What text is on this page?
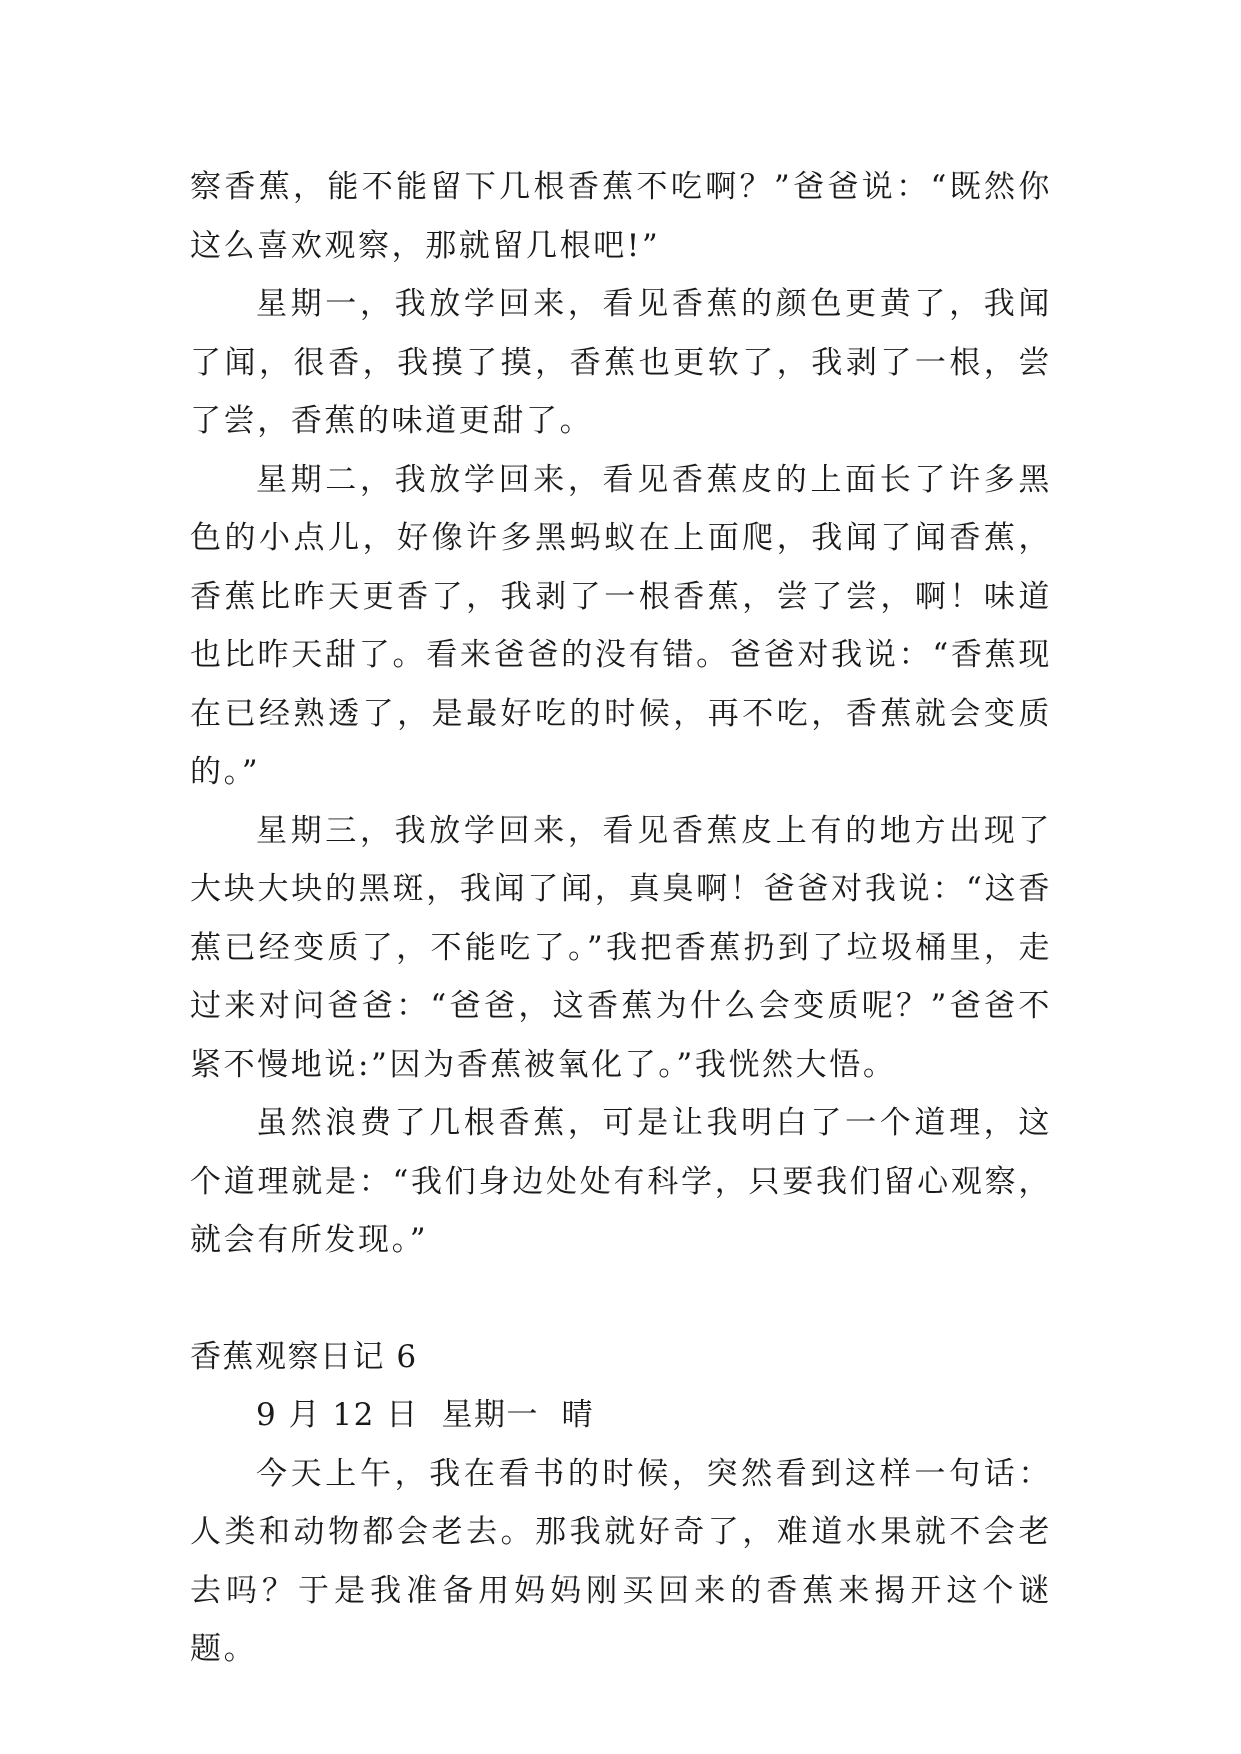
察香蕉，能不能留下几根香蕉不吃啊？”爸爸说：“既然你这么喜欢观察，那就留几根吧!”

星期一，我放学回来，看见香蕉的颜色更黄了，我闻了闻，很香，我摸了摸，香蕉也更软了，我剥了一根，尝了尝，香蕉的味道更甜了。

星期二，我放学回来，看见香蕉皮的上面长了许多黑色的小点儿，好像许多黑蚂蚁在上面爬，我闻了闻香蕉，香蕉比昨天更香了，我剥了一根香蕉，尝了尝，啊！味道也比昨天甜了。看来爸爸的没有错。爸爸对我说：“香蕉现在已经熟透了，是最好吃的时候，再不吃，香蕉就会变质的。”

星期三，我放学回来，看见香蕉皮上有的地方出现了大块大块的黑斑，我闻了闻，真臭啊！爸爸对我说：“这香蕉已经变质了，不能吃了。”我把香蕉扔到了垃圾桶里，走过来对问爸爸：“爸爸，这香蕉为什么会变质呢？”爸爸不紧不慢地说:”因为香蕉被氧化了。”我恍然大悟。

虽然浪费了几根香蕉，可是让我明白了一个道理，这个道理就是：“我们身边处处有科学，只要我们留心观察，就会有所发现。”

香蕉观察日记 6

9 月 12 日  星期一  晴

今天上午，我在看书的时候，突然看到这样一句话：人类和动物都会老去。那我就好奇了，难道水果就不会老去吗？于是我准备用妈妈刚买回来的香蕉来揭开这个谜题。
